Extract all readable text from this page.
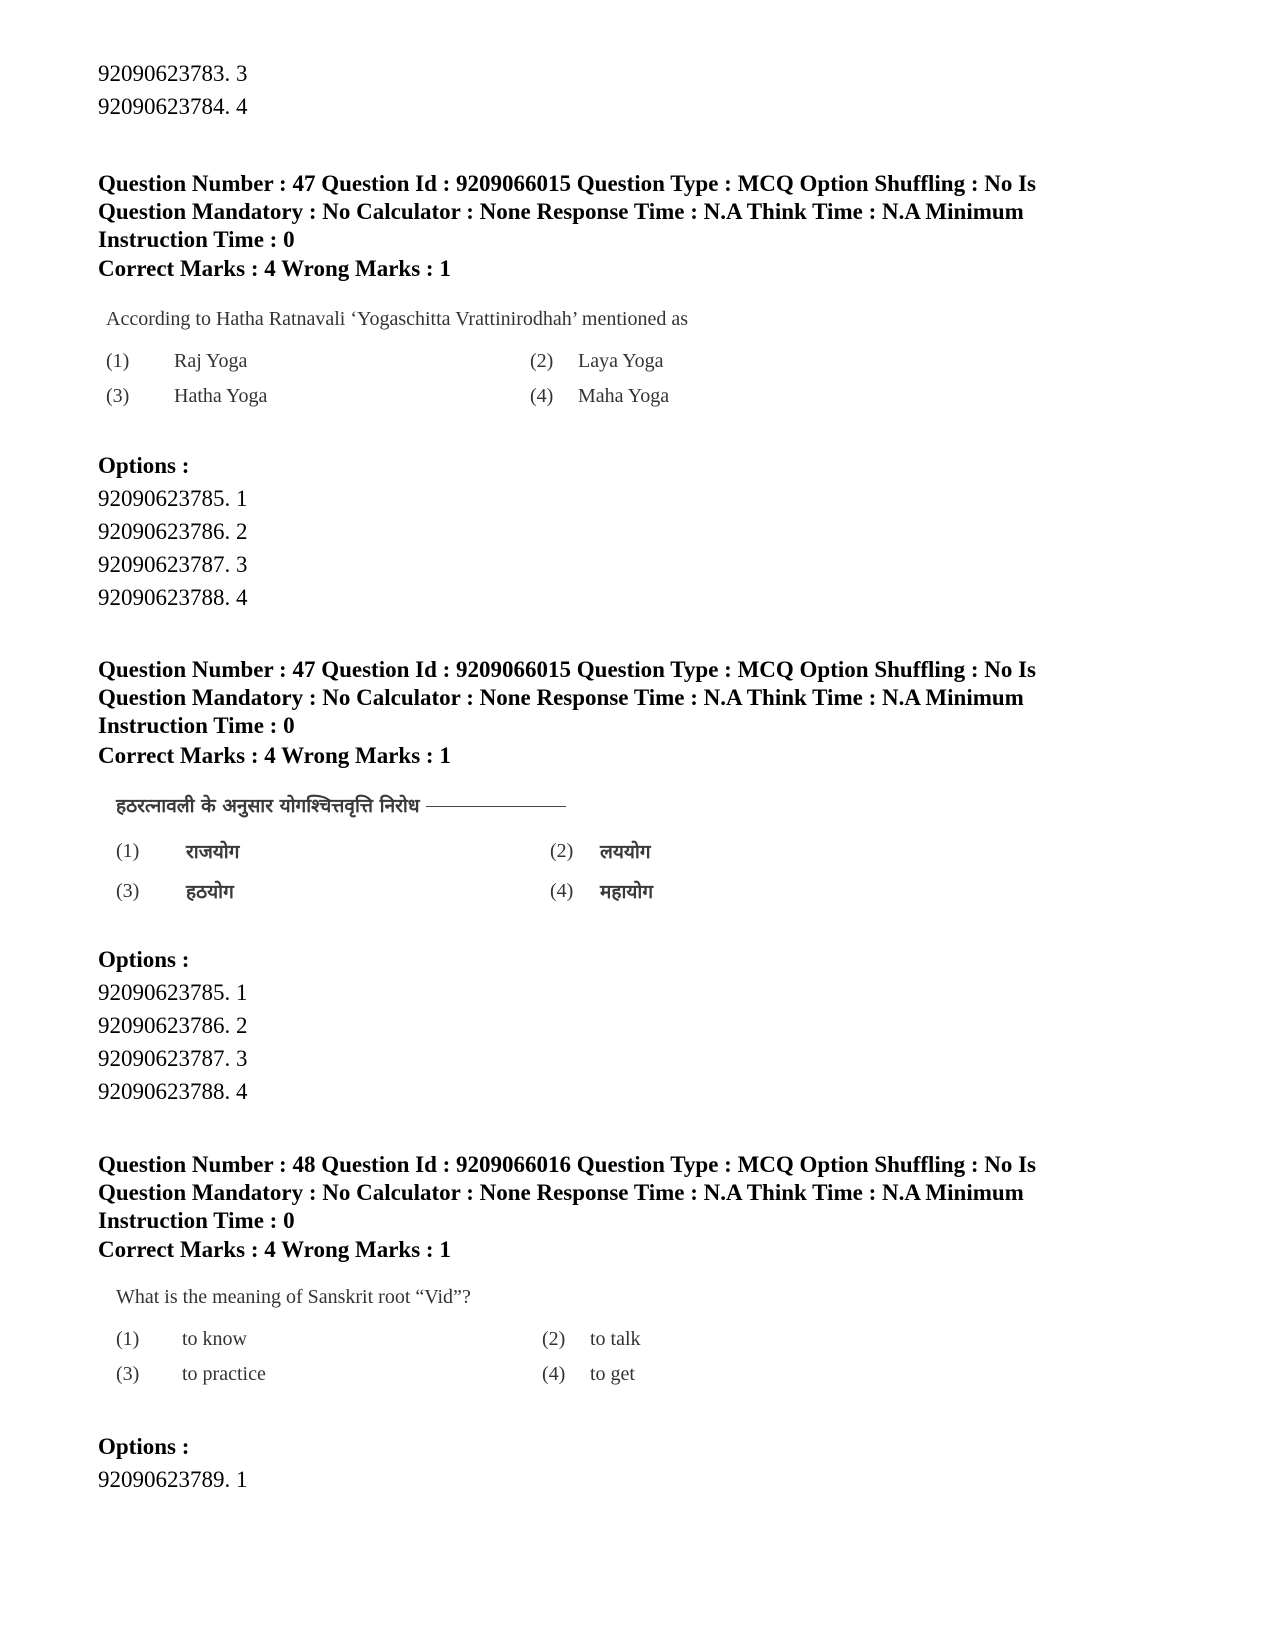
92090623783. 3
92090623784. 4
Question Number : 47 Question Id : 9209066015 Question Type : MCQ Option Shuffling : No Is
Question Mandatory : No Calculator : None Response Time : N.A Think Time : N.A Minimum
Instruction Time : 0
Correct Marks : 4 Wrong Marks : 1
According to Hatha Ratnavali ‘Yogaschitta Vrattinirodhah’ mentioned as
(1) Raj Yoga	(2) Laya Yoga
(3) Hatha Yoga	(4) Maha Yoga
Options :
92090623785. 1
92090623786. 2
92090623787. 3
92090623788. 4
Question Number : 47 Question Id : 9209066015 Question Type : MCQ Option Shuffling : No Is
Question Mandatory : No Calculator : None Response Time : N.A Think Time : N.A Minimum
Instruction Time : 0
Correct Marks : 4 Wrong Marks : 1
हठरत्नावली के अनुसार योगश्चित्तवृत्ति निरोध
(1) राजयोग	(2) लययोग
(3) हठयोग	(4) महायोग
Options :
92090623785. 1
92090623786. 2
92090623787. 3
92090623788. 4
Question Number : 48 Question Id : 9209066016 Question Type : MCQ Option Shuffling : No Is
Question Mandatory : No Calculator : None Response Time : N.A Think Time : N.A Minimum
Instruction Time : 0
Correct Marks : 4 Wrong Marks : 1
What is the meaning of Sanskrit root “Vid”?
(1) to know	(2) to talk
(3) to practice	(4) to get
Options :
92090623789. 1
